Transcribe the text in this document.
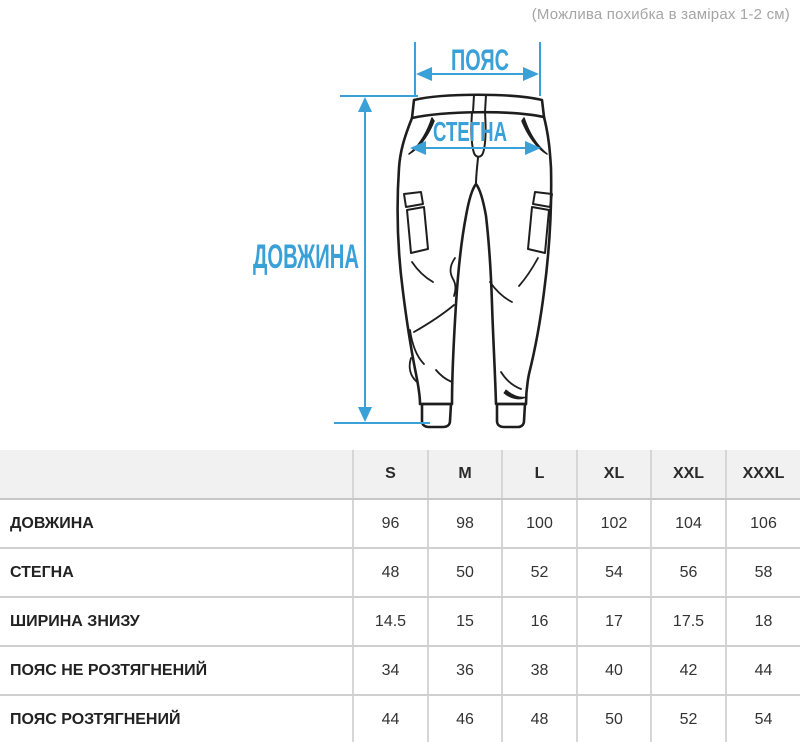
(Можлива похибка в замірах 1-2 см)
ПОЯС
СТЕГНА
ДОВЖИНА
	S	M	L	XL	XXL	XXXL
ДОВЖИНА	96	98	100	102	104	106
СТЕГНА	48	50	52	54	56	58
ШИРИНА ЗНИЗУ	14.5	15	16	17	17.5	18
ПОЯС НЕ РОЗТЯГНЕНИЙ	34	36	38	40	42	44
ПОЯС РОЗТЯГНЕНИЙ	44	46	48	50	52	54
